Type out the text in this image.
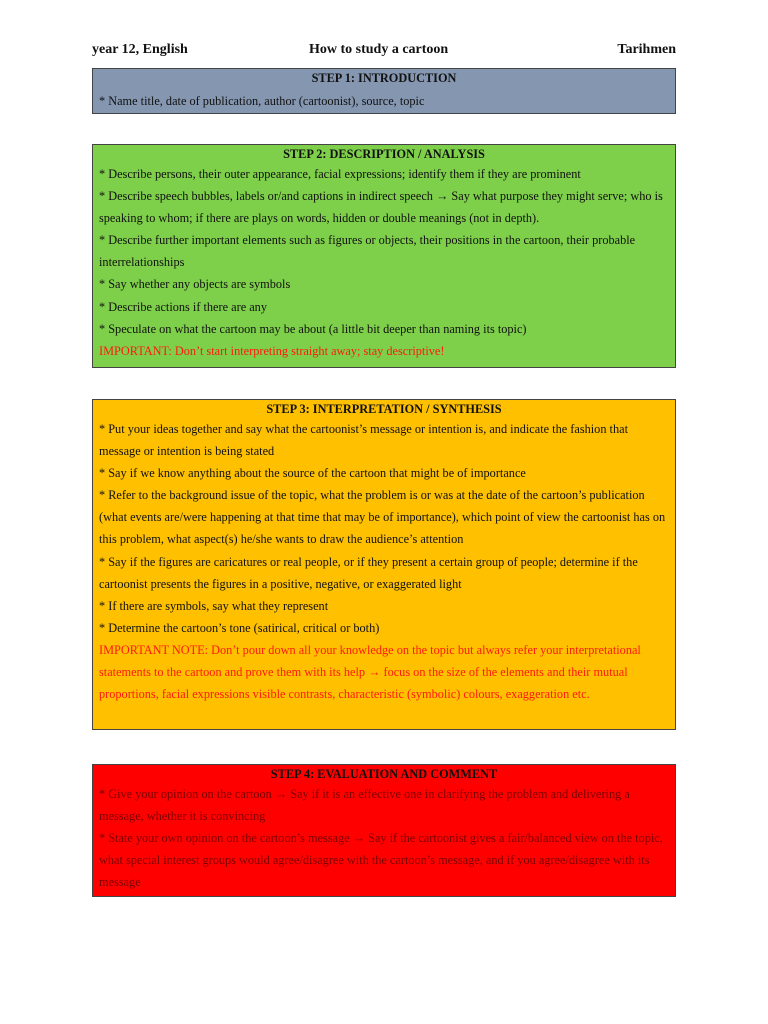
year 12, English	How to study a cartoon	Tarihmen
STEP 1: INTRODUCTION

* Name title, date of publication, author (cartoonist), source, topic

STEP 2: DESCRIPTION / ANALYSIS

* Describe persons, their outer appearance, facial expressions; identify them if they are prominent

* Describe speech bubbles, labels or/and captions in indirect speech → Say what purpose they might serve; who is speaking to whom; if there are plays on words, hidden or double meanings (not in depth).

* Describe further important elements such as figures or objects, their positions in the cartoon, their probable interrelationships

* Say whether any objects are symbols

* Describe actions if there are any

* Speculate on what the cartoon may be about (a little bit deeper than naming its topic)

IMPORTANT: Don’t start interpreting straight away; stay descriptive!

STEP 3: INTERPRETATION / SYNTHESIS

* Put your ideas together and say what the cartoonist’s message or intention is, and indicate the fashion that message or intention is being stated

* Say if we know anything about the source of the cartoon that might be of importance

* Refer to the background issue of the topic, what the problem is or was at the date of the cartoon’s publication (what events are/were happening at that time that may be of importance), which point of view the cartoonist has on this problem, what aspect(s) he/she wants to draw the audience’s attention

* Say if the figures are caricatures or real people, or if they present a certain group of people; determine if the cartoonist presents the figures in a positive, negative, or exaggerated light

* If there are symbols, say what they represent

* Determine the cartoon’s tone (satirical, critical or both)

IMPORTANT NOTE: Don’t pour down all your knowledge on the topic but always refer your interpretational statements to the cartoon and prove them with its help → focus on the size of the elements and their mutual proportions, facial expressions visible contrasts, characteristic (symbolic) colours, exaggeration etc.

STEP 4: EVALUATION AND COMMENT

* Give your opinion on the cartoon → Say if it is an effective one in clarifying the problem and delivering a message, whether it is convincing

* State your own opinion on the cartoon’s message → Say if the cartoonist gives a fair/balanced view on the topic, what special interest groups would agree/disagree with the cartoon’s message, and if you agree/disagree with its message
